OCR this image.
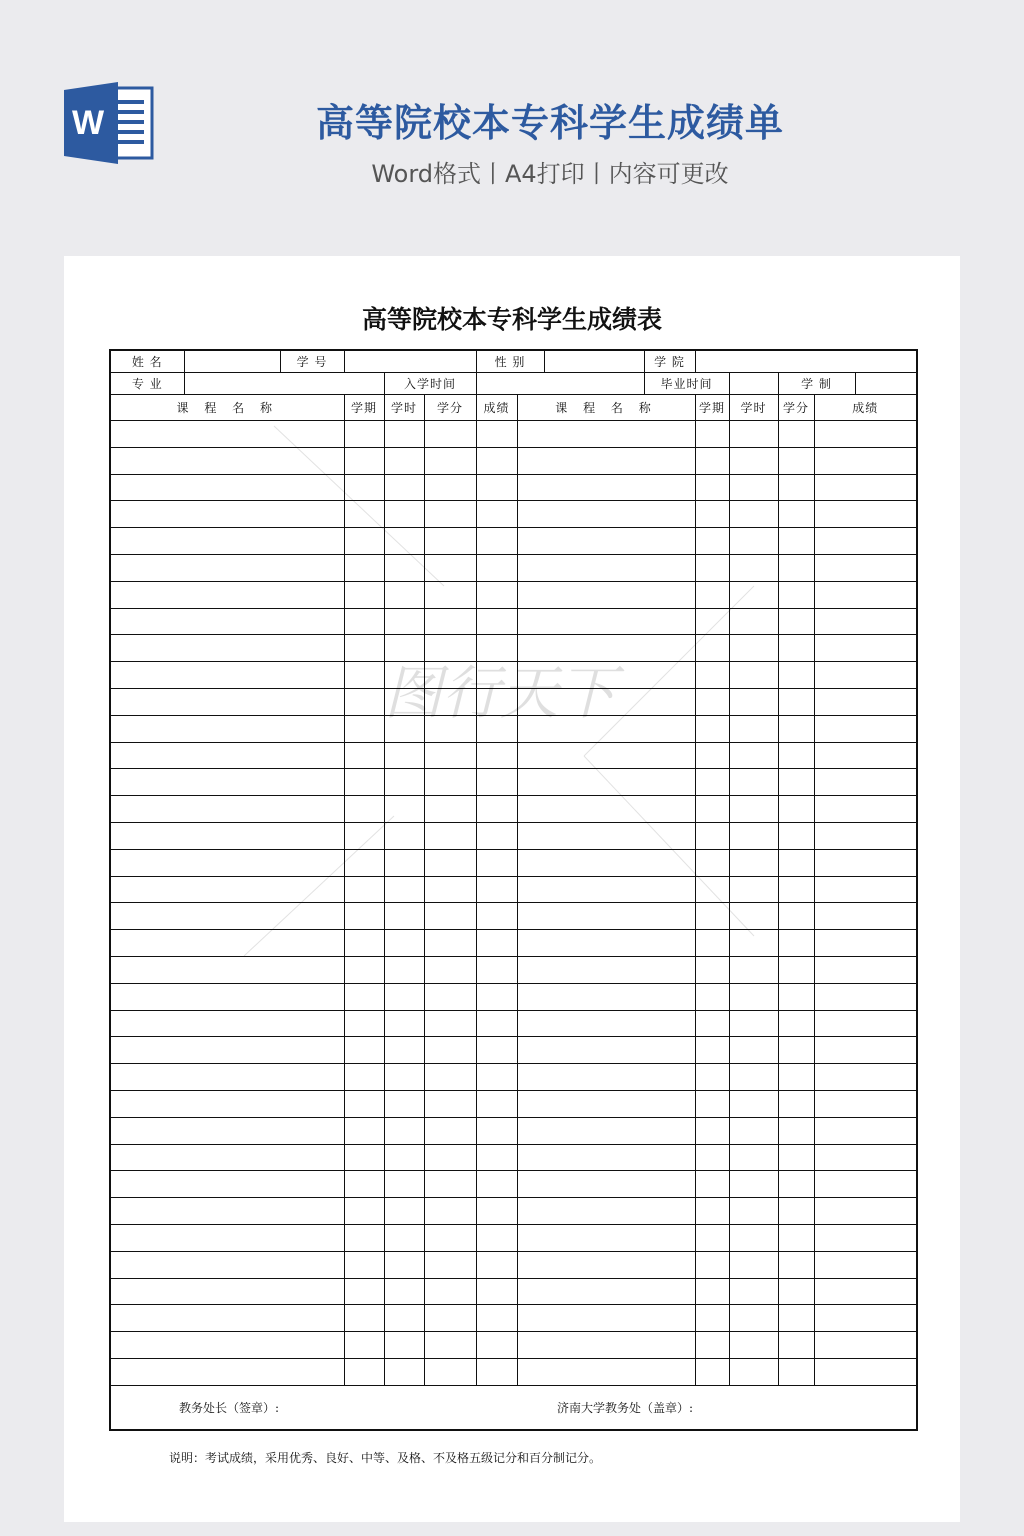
W	高等院校本专科学生成绩单
Word格式丨A4打印丨内容可更改
高等院校本专科学生成绩表
姓 名		学 号				性 别			学 院					
专 业				入学时间					毕业时间			学 制		
课 程 名 称			学期	学时	学分	成绩	课 程 名 称			学期	学时	学分	成绩	

教务处长（签章）:							济南大学教务处（盖章）:							
图行天下
说明：考试成绩，采用优秀、良好、中等、及格、不及格五级记分和百分制记分。
